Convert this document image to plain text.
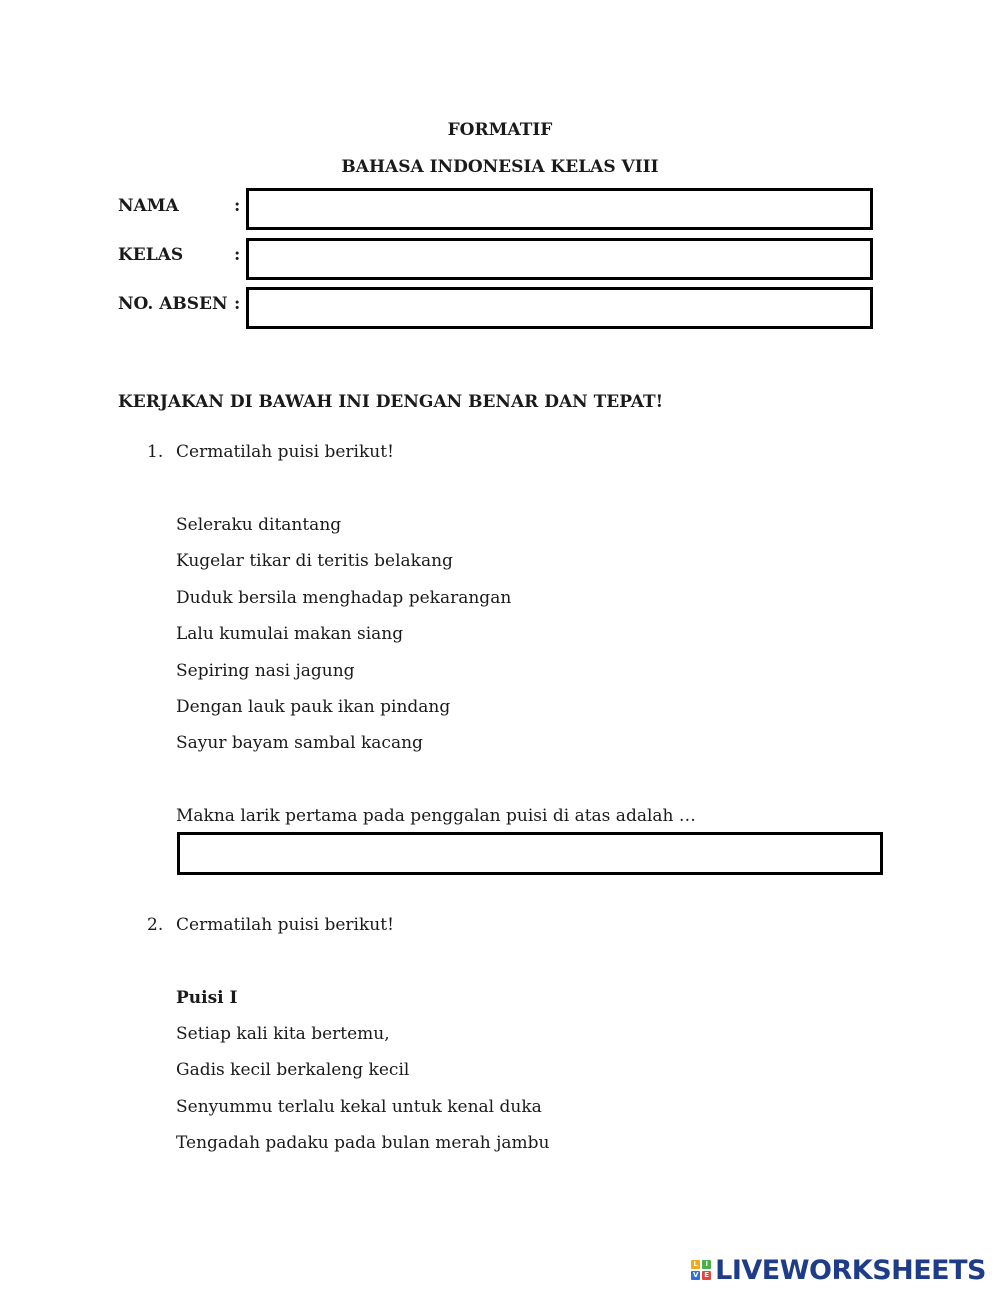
FORMATIF
BAHASA INDONESIA KELAS VIII
NAMA	:
KELAS	:
NO. ABSEN :
KERJAKAN DI BAWAH INI DENGAN BENAR DAN TEPAT!
1. Cermatilah puisi berikut!
Seleraku ditantang
Kugelar tikar di teritis belakang
Duduk bersila menghadap pekarangan
Lalu kumulai makan siang
Sepiring nasi jagung
Dengan lauk pauk ikan pindang
Sayur bayam sambal kacang
Makna larik pertama pada penggalan puisi di atas adalah …
2. Cermatilah puisi berikut!
Puisi I
Setiap kali kita bertemu,
Gadis kecil berkaleng kecil
Senyummu terlalu kekal untuk kenal duka
Tengadah padaku pada bulan merah jambu
L	I
V E LIVEWORKSHEETS
